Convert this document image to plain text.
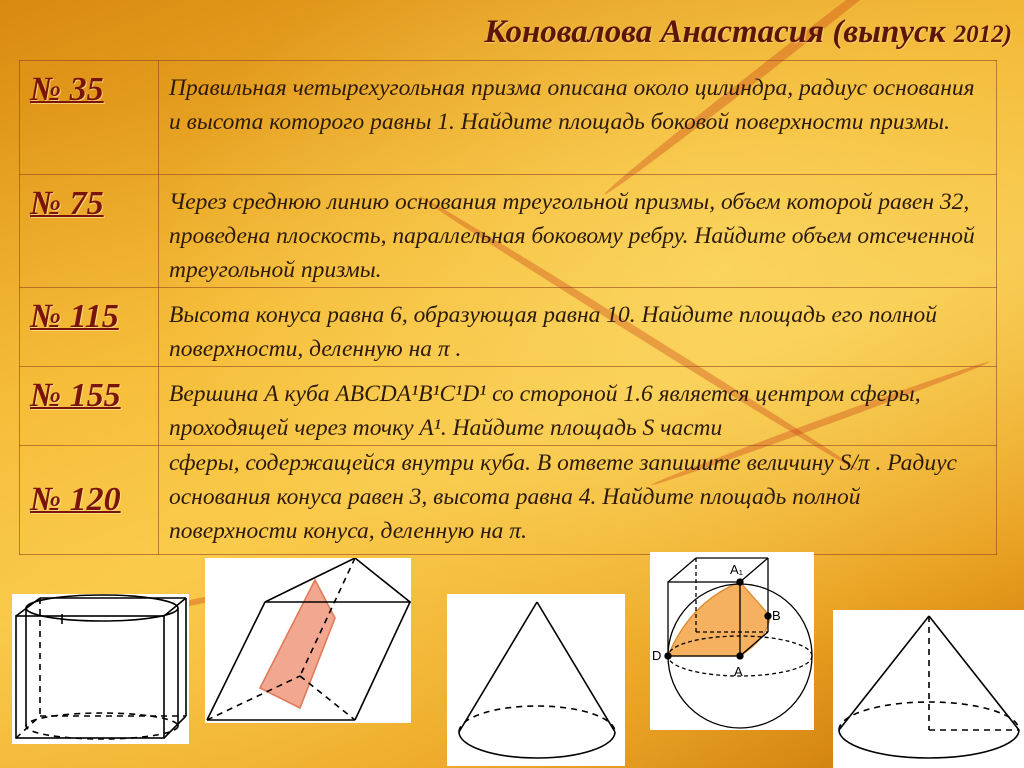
Коновалова Анастасия (выпуск 2012)
№ 35	Правильная четырехугольная призма описана около цилиндра, радиус основания и высота которого равны 1. Найдите площадь боковой поверхности призмы.
№ 75	Через среднюю линию основания треугольной призмы, объем которой равен 32, проведена плоскость, параллельная боковому ребру. Найдите объем отсеченной треугольной призмы.
№ 115	Высота конуса равна 6, образующая равна 10. Найдите площадь его полной поверхности, деленную на π .
№ 155	Вершина А куба ABCDA¹B¹C¹D¹ со стороной 1.6 является центром сферы, проходящей через точку А¹. Найдите площадь S части
№ 120	сферы, содержащейся внутри куба. В ответе запишите величину S/π . Радиус основания конуса равен 3, высота равна 4. Найдите площадь полной поверхности конуса, деленную на π.
A₁
B
D
A
